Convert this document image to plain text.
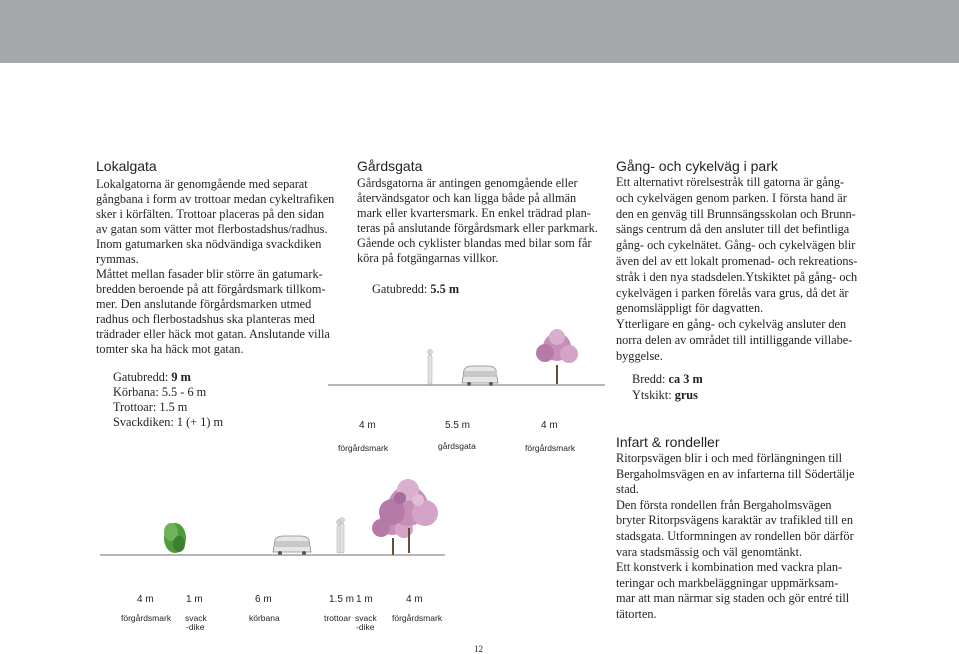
Lokalgata
Lokalgatorna är genomgående med separat
gångbana i form av trottoar medan cykeltrafiken
sker i körfälten. Trottoar placeras på den sidan
av gatan som vätter mot flerbostadshus/radhus.
Inom gatumarken ska nödvändiga svackdiken
rymmas.
Måttet mellan fasader blir större än gatumark-
bredden beroende på att förgårdsmark tillkom-
mer. Den anslutande förgårdsmarken utmed
radhus och flerbostadshus ska planteras med
trädrader eller häck mot gatan. Anslutande villa
tomter ska ha häck mot gatan.
Gatubredd: 9 m
Körbana: 5.5 - 6 m
Trottoar: 1.5 m
Svackdiken: 1 (+ 1) m
4 m	1 m	6 m	1.5 m 1 m	4 m
förgårdsmark svack
-dike
körbana	trottoar svack
-dike
förgårdsmark
Gårdsgata
Gårdsgatorna är antingen genomgående eller
återvändsgator och kan ligga både på allmän
mark eller kvartersmark. En enkel trädrad plan-
teras på anslutande förgårdsmark eller parkmark.
Gående och cyklister blandas med bilar som får
köra på fotgängarnas villkor.
Gatubredd: 5.5 m
4 m	5.5 m	4 m
förgårdsmark	gårdsgata	förgårdsmark
Gång- och cykelväg i park
Ett alternativt rörelsestråk till gatorna är gång-
och cykelvägen genom parken. I första hand är
den en genväg till Brunnsängsskolan och Brunn-
sängs centrum då den ansluter till det befintliga
gång- och cykelnätet. Gång- och cykelvägen blir
även del av ett lokalt promenad- och rekreations-
stråk i den nya stadsdelen.Ytskiktet på gång- och
cykelvägen i parken förelås vara grus, då det är
genomsläppligt för dagvatten.
Ytterligare en gång- och cykelväg ansluter den
norra delen av området till intilliggande villabe-
byggelse.
Bredd: ca 3 m
Ytskikt: grus
Infart & rondeller
Ritorpsvägen blir i och med förlängningen till
Bergaholmsvägen en av infarterna till Södertälje
stad.
Den första rondellen från Bergaholmsvägen
bryter Ritorpsvägens karaktär av trafikled till en
stadsgata. Utformningen av rondellen bör därför
vara stadsmässig och väl genomtänkt.
Ett konstverk i kombination med vackra plan-
teringar och markbeläggningar uppmärksam-
mar att man närmar sig staden och gör entré till
tätorten.
12
